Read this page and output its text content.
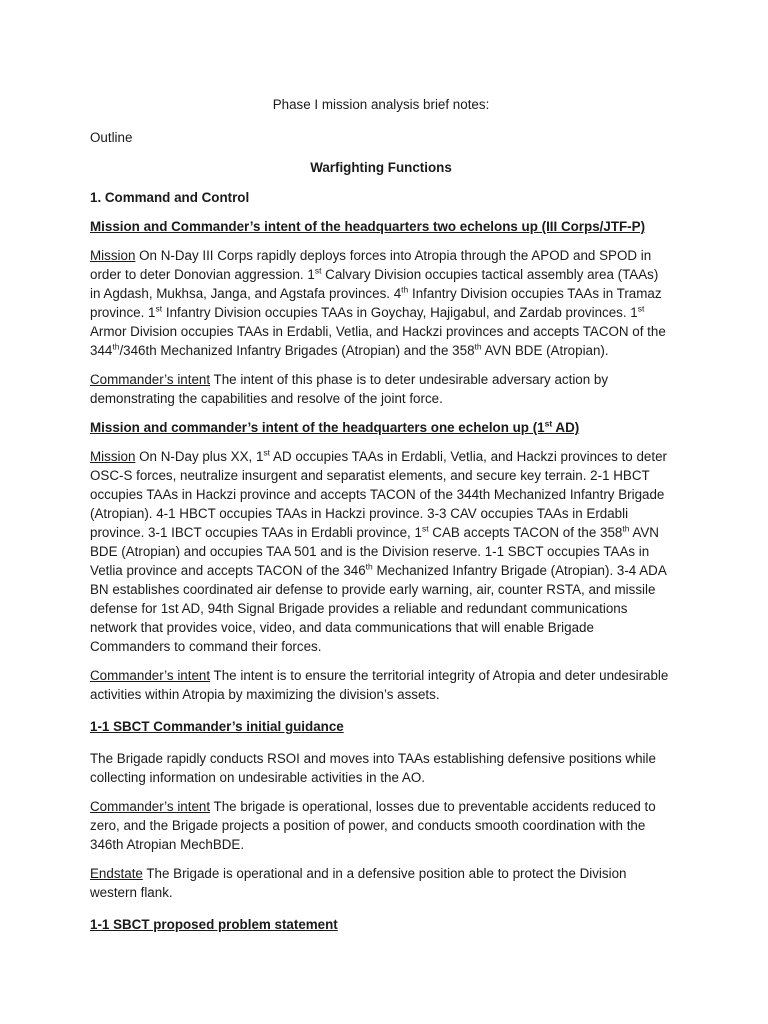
Phase I mission analysis brief notes:

Outline

Warfighting Functions

1. Command and Control

Mission and Commander’s intent of the headquarters two echelons up (III Corps/JTF-P)

Mission On N-Day III Corps rapidly deploys forces into Atropia through the APOD and SPOD in order to deter Donovian aggression. 1st Calvary Division occupies tactical assembly area (TAAs) in Agdash, Mukhsa, Janga, and Agstafa provinces. 4th Infantry Division occupies TAAs in Tramaz province. 1st Infantry Division occupies TAAs in Goychay, Hajigabul, and Zardab provinces. 1st Armor Division occupies TAAs in Erdabli, Vetlia, and Hackzi provinces and accepts TACON of the 344th/346th Mechanized Infantry Brigades (Atropian) and the 358th AVN BDE (Atropian).

Commander’s intent The intent of this phase is to deter undesirable adversary action by demonstrating the capabilities and resolve of the joint force.

Mission and commander’s intent of the headquarters one echelon up (1st AD)

Mission On N-Day plus XX, 1st AD occupies TAAs in Erdabli, Vetlia, and Hackzi provinces to deter OSC-S forces, neutralize insurgent and separatist elements, and secure key terrain. 2-1 HBCT occupies TAAs in Hackzi province and accepts TACON of the 344th Mechanized Infantry Brigade (Atropian). 4-1 HBCT occupies TAAs in Hackzi province. 3-3 CAV occupies TAAs in Erdabli province. 3-1 IBCT occupies TAAs in Erdabli province, 1st CAB accepts TACON of the 358th AVN BDE (Atropian) and occupies TAA 501 and is the Division reserve. 1-1 SBCT occupies TAAs in Vetlia province and accepts TACON of the 346th Mechanized Infantry Brigade (Atropian). 3-4 ADA BN establishes coordinated air defense to provide early warning, air, counter RSTA, and missile defense for 1st AD, 94th Signal Brigade provides a reliable and redundant communications network that provides voice, video, and data communications that will enable Brigade Commanders to command their forces.

Commander’s intent The intent is to ensure the territorial integrity of Atropia and deter undesirable activities within Atropia by maximizing the division’s assets.

1-1 SBCT Commander’s initial guidance

The Brigade rapidly conducts RSOI and moves into TAAs establishing defensive positions while collecting information on undesirable activities in the AO.

Commander’s intent The brigade is operational, losses due to preventable accidents reduced to zero, and the Brigade projects a position of power, and conducts smooth coordination with the 346th Atropian MechBDE.

Endstate The Brigade is operational and in a defensive position able to protect the Division western flank.

1-1 SBCT proposed problem statement
